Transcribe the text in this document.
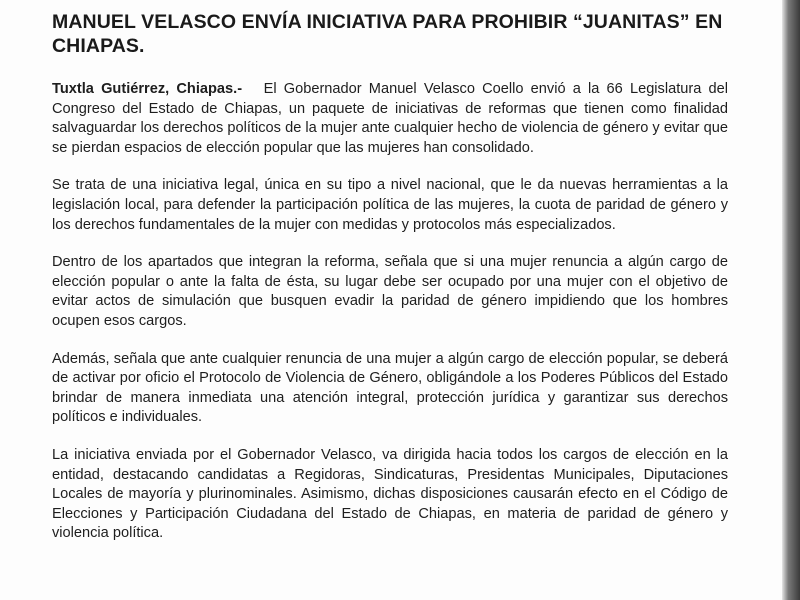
MANUEL VELASCO ENVÍA INICIATIVA PARA PROHIBIR “JUANITAS” EN CHIAPAS.

Tuxtla Gutiérrez, Chiapas.- El Gobernador Manuel Velasco Coello envió a la 66 Legislatura del Congreso del Estado de Chiapas, un paquete de iniciativas de reformas que tienen como finalidad salvaguardar los derechos políticos de la mujer ante cualquier hecho de violencia de género y evitar que se pierdan espacios de elección popular que las mujeres han consolidado.

Se trata de una iniciativa legal, única en su tipo a nivel nacional, que le da nuevas herramientas a la legislación local, para defender la participación política de las mujeres, la cuota de paridad de género y los derechos fundamentales de la mujer con medidas y protocolos más especializados.

Dentro de los apartados que integran la reforma, señala que si una mujer renuncia a algún cargo de elección popular o ante la falta de ésta, su lugar debe ser ocupado por una mujer con el objetivo de evitar actos de simulación que busquen evadir la paridad de género impidiendo que los hombres ocupen esos cargos.

Además, señala que ante cualquier renuncia de una mujer a algún cargo de elección popular, se deberá de activar por oficio el Protocolo de Violencia de Género, obligándole a los Poderes Públicos del Estado brindar de manera inmediata una atención integral, protección jurídica y garantizar sus derechos políticos e individuales.

La iniciativa enviada por el Gobernador Velasco, va dirigida hacia todos los cargos de elección en la entidad, destacando candidatas a Regidoras, Sindicaturas, Presidentas Municipales, Diputaciones Locales de mayoría y plurinominales. Asimismo, dichas disposiciones causarán efecto en el Código de Elecciones y Participación Ciudadana del Estado de Chiapas, en materia de paridad de género y violencia política.
